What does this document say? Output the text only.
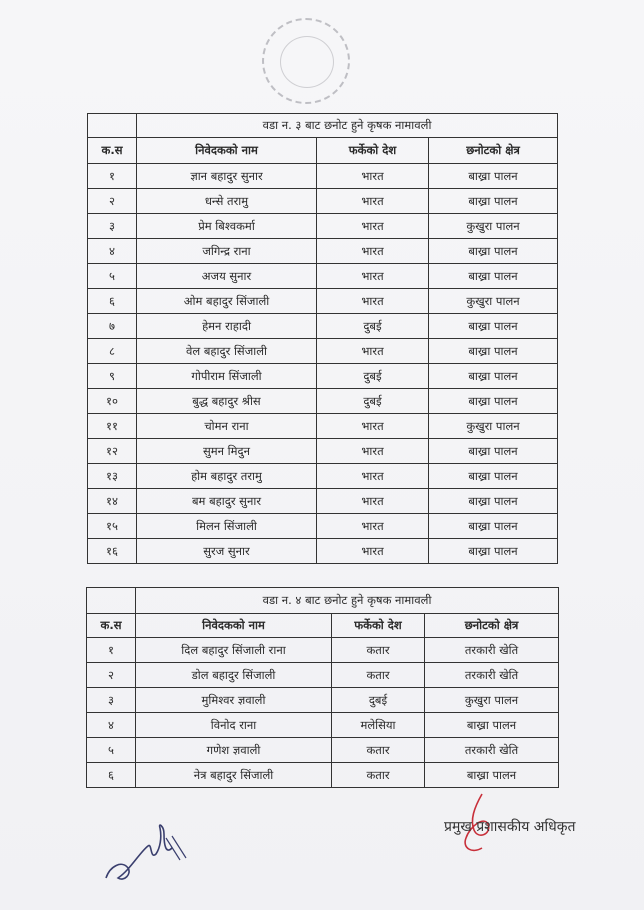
	वडा न. ३ बाट छनोट हुने कृषक नामावली		
क.स	निवेदकको नाम	फर्केको देश	छनोटको क्षेत्र
१	ज्ञान बहादुर सुनार	भारत	बाख्रा पालन
२	धन्से तरामु	भारत	बाख्रा पालन
३	प्रेम बिश्वकर्मा	भारत	कुखुरा पालन
४	जगिन्द्र राना	भारत	बाख्रा पालन
५	अजय सुनार	भारत	बाख्रा पालन
६	ओम बहादुर सिंजाली	भारत	कुखुरा पालन
७	हेमन राहादी	दुबई	बाख्रा पालन
८	वेल बहादुर सिंजाली	भारत	बाख्रा पालन
९	गोपीराम सिंजाली	दुबई	बाख्रा पालन
१०	बुद्ध बहादुर श्रीस	दुबई	बाख्रा पालन
११	चोमन राना	भारत	कुखुरा पालन
१२	सुमन मिदुन	भारत	बाख्रा पालन
१३	होम बहादुर तरामु	भारत	बाख्रा पालन
१४	बम बहादुर सुनार	भारत	बाख्रा पालन
१५	मिलन सिंजाली	भारत	बाख्रा पालन
१६	सुरज सुनार	भारत	बाख्रा पालन
	वडा न. ४ बाट छनोट हुने कृषक नामावली		
क.स	निवेदकको नाम	फर्केको देश	छनोटको क्षेत्र
१	दिल बहादुर सिंजाली राना	कतार	तरकारी खेति
२	डोल बहादुर सिंजाली	कतार	तरकारी खेति
३	मुमिश्वर ज्ञवाली	दुबई	कुखुरा पालन
४	विनोद राना	मलेसिया	बाख्रा पालन
५	गणेश ज्ञवाली	कतार	तरकारी खेति
६	नेत्र बहादुर सिंजाली	कतार	बाख्रा पालन
प्रमुख प्रशासकीय अधिकृत
